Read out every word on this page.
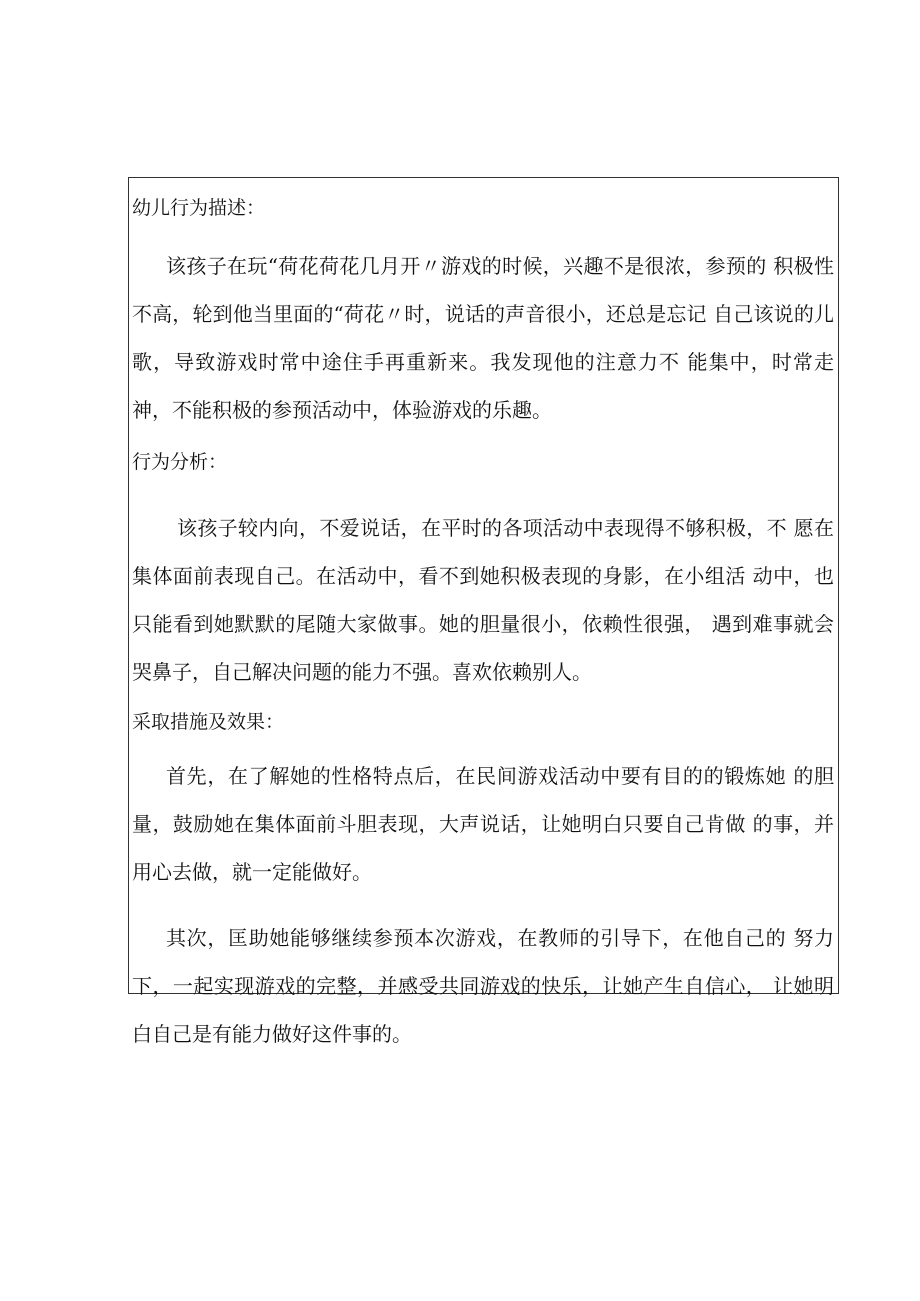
幼儿行为描述：

该孩子在玩“荷花荷花几月开〃游戏的时候，兴趣不是很浓，参预的 积极性不高，轮到他当里面的“荷花〃时，说话的声音很小，还总是忘记 自己该说的儿歌，导致游戏时常中途住手再重新来。我发现他的注意力不 能集中，时常走神，不能积极的参预活动中，体验游戏的乐趣。

行为分析：

该孩子较内向，不爱说话，在平时的各项活动中表现得不够积极，不 愿在集体面前表现自己。在活动中，看不到她积极表现的身影，在小组活 动中，也只能看到她默默的尾随大家做事。她的胆量很小，依赖性很强， 遇到难事就会哭鼻子，自己解决问题的能力不强。喜欢依赖别人。

采取措施及效果：

首先，在了解她的性格特点后，在民间游戏活动中要有目的的锻炼她 的胆量，鼓励她在集体面前斗胆表现，大声说话，让她明白只要自己肯做 的事，并用心去做，就一定能做好。

其次，匡助她能够继续参预本次游戏，在教师的引导下，在他自己的 努力下，一起实现游戏的完整，并感受共同游戏的快乐，让她产生自信心， 让她明白自己是有能力做好这件事的。
